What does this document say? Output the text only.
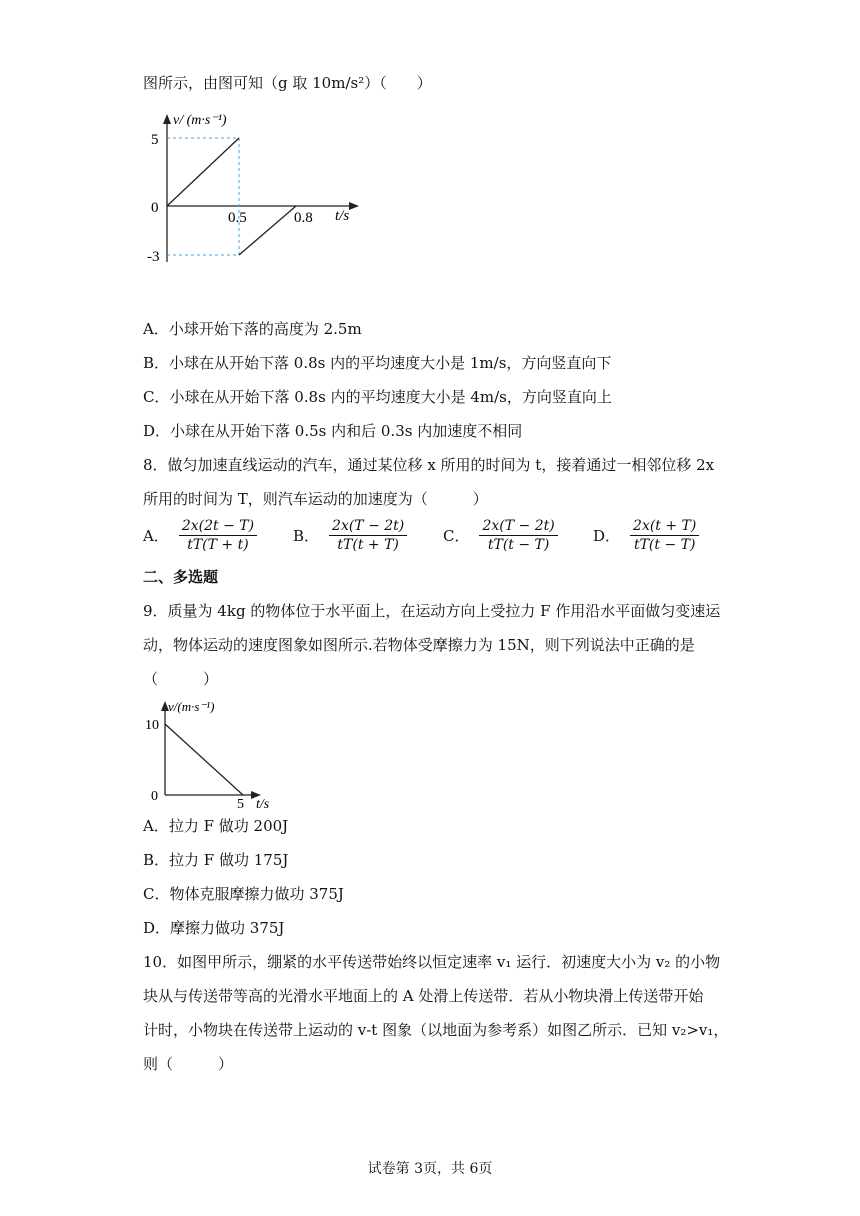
图所示，由图可知（g 取 10m/s²）（　　）
v/ (m·s⁻¹)
5
0
-3
0.5	0.8 t/s
A．小球开始下落的高度为 2.5m
B．小球在从开始下落 0.8s 内的平均速度大小是 1m/s，方向竖直向下
C．小球在从开始下落 0.8s 内的平均速度大小是 4m/s，方向竖直向上
D．小球在从开始下落 0.5s 内和后 0.3s 内加速度不相同
8．做匀加速直线运动的汽车，通过某位移 x 所用的时间为 t，接着通过一相邻位移 2x
所用的时间为 T，则汽车运动的加速度为（　　　）
A． $\frac{2x(2t - T)}{tT(T + t)}$ B． $\frac{2x(T - 2t)}{tT(t + T)}$ C． $\frac{2x(T - 2t)}{tT(t - T)}$ D． $\frac{2x(t + T)}{tT(t - T)}$
二、多选题
9．质量为 4kg 的物体位于水平面上，在运动方向上受拉力 F 作用沿水平面做匀变速运
动，物体运动的速度图象如图所示.若物体受摩擦力为 15N，则下列说法中正确的是
（　　　）
v/(m·s⁻¹)
10
0
5 t/s
A．拉力 F 做功 200J
B．拉力 F 做功 175J
C．物体克服摩擦力做功 375J
D．摩擦力做功 375J
10．如图甲所示，绷紧的水平传送带始终以恒定速率 v₁ 运行．初速度大小为 v₂ 的小物
块从与传送带等高的光滑水平地面上的 A 处滑上传送带．若从小物块滑上传送带开始
计时，小物块在传送带上运动的 v-t 图象（以地面为参考系）如图乙所示．已知 v₂>v₁，
则（　　　）
试卷第 3页，共 6页
